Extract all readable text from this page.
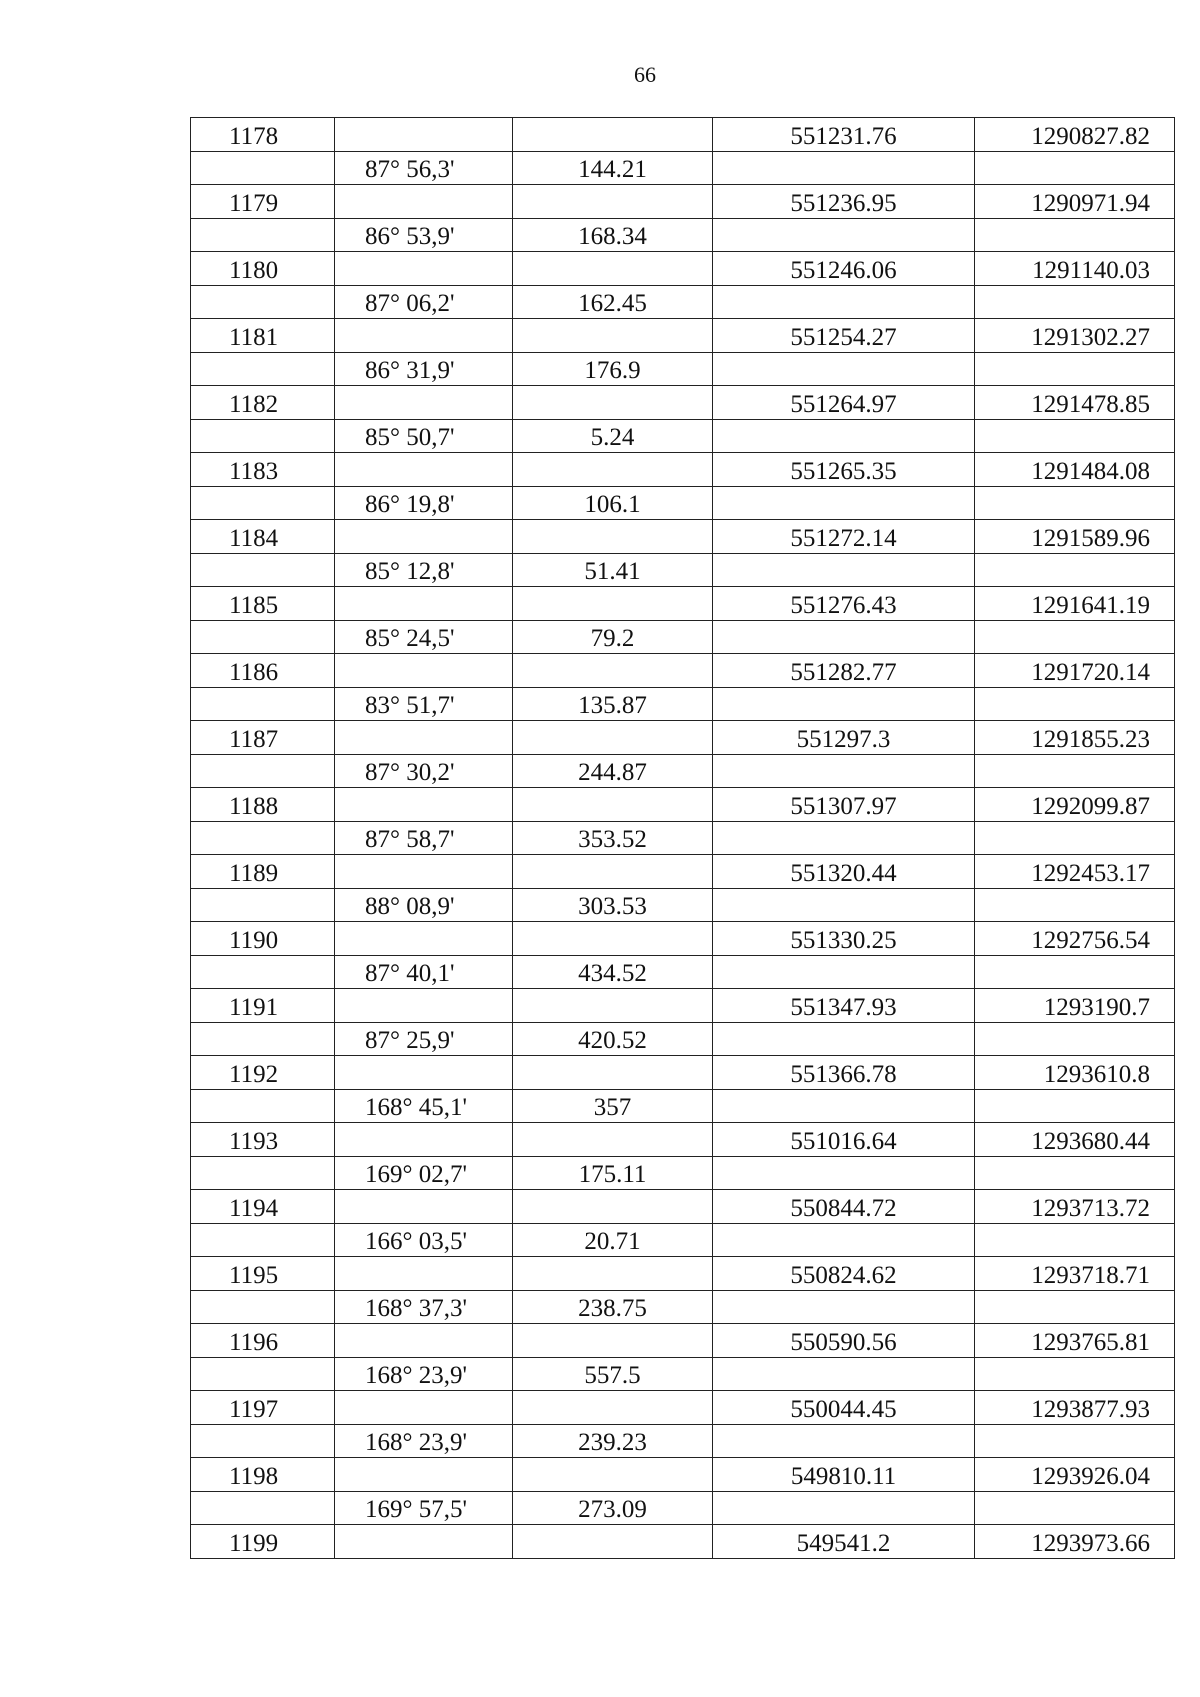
66
1178			551231.76	1290827.82
	87° 56,3'	144.21		
1179			551236.95	1290971.94
	86° 53,9'	168.34		
1180			551246.06	1291140.03
	87° 06,2'	162.45		
1181			551254.27	1291302.27
	86° 31,9'	176.9		
1182			551264.97	1291478.85
	85° 50,7'	5.24		
1183			551265.35	1291484.08
	86° 19,8'	106.1		
1184			551272.14	1291589.96
	85° 12,8'	51.41		
1185			551276.43	1291641.19
	85° 24,5'	79.2		
1186			551282.77	1291720.14
	83° 51,7'	135.87		
1187			551297.3	1291855.23
	87° 30,2'	244.87		
1188			551307.97	1292099.87
	87° 58,7'	353.52		
1189			551320.44	1292453.17
	88° 08,9'	303.53		
1190			551330.25	1292756.54
	87° 40,1'	434.52		
1191			551347.93	1293190.7
	87° 25,9'	420.52		
1192			551366.78	1293610.8
	168° 45,1'	357		
1193			551016.64	1293680.44
	169° 02,7'	175.11		
1194			550844.72	1293713.72
	166° 03,5'	20.71		
1195			550824.62	1293718.71
	168° 37,3'	238.75		
1196			550590.56	1293765.81
	168° 23,9'	557.5		
1197			550044.45	1293877.93
	168° 23,9'	239.23		
1198			549810.11	1293926.04
	169° 57,5'	273.09		
1199			549541.2	1293973.66
